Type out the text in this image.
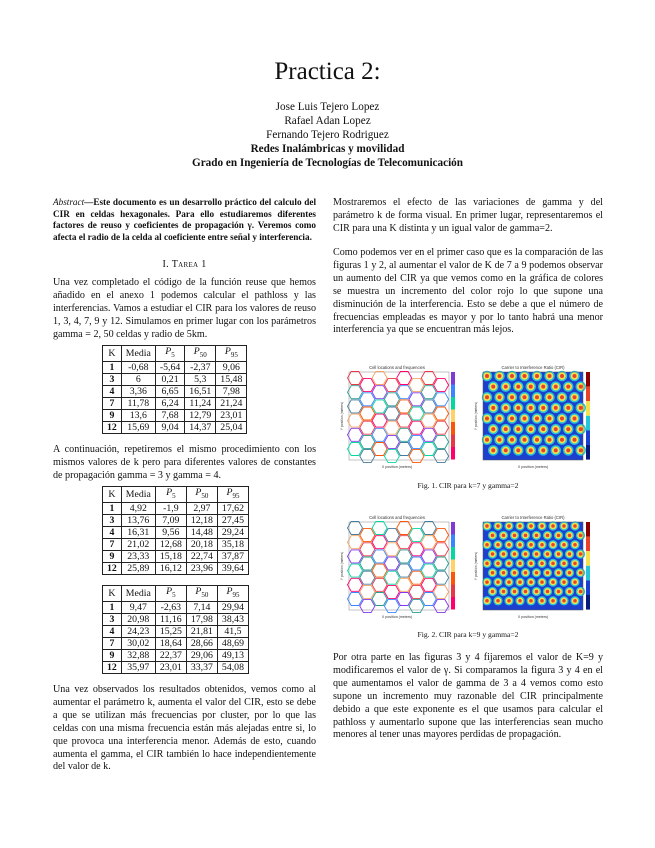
Practica 2:
Jose Luis Tejero Lopez
Rafael Adan Lopez
Fernando Tejero Rodriguez
Redes Inalámbricas y movilidad
Grado en Ingeniería de Tecnologías de Telecomunicación
Abstract—Este documento es un desarrollo práctico del calculo del CIR en celdas hexagonales. Para ello estudiaremos diferentes factores de reuso y coeficientes de propagación γ. Veremos como afecta el radio de la celda al coeficiente entre señal y interferencia.
I. Tarea 1
Una vez completado el código de la función reuse que hemos añadido en el anexo 1 podemos calcular el pathloss y las interferencias. Vamos a estudiar el CIR para los valores de reuso 1, 3, 4, 7, 9 y 12. Simulamos en primer lugar con los parámetros gamma = 2, 50 celdas y radio de 5km.
K	Media	$P_5$	$P_{50}$	$P_{95}$
1	-0,68	-5,64	-2,37	9,06
3	6	0,21	5,3	15,48
4	3,36	6,65	16,51	7,98
7	11,78	6,24	11,24	21,24
9	13,6	7,68	12,79	23,01
12	15,69	9,04	14,37	25,04
A continuación, repetiremos el mismo procedimiento con los mismos valores de k pero para diferentes valores de constantes de propagación gamma = 3 y gamma = 4.
K	Media	$P_5$	$P_{50}$	$P_{95}$
1	4,92	-1,9	2,97	17,62
3	13,76	7,09	12,18	27,45
4	16,31	9,56	14,48	29,24
7	21,02	12,68	20,18	35,18
9	23,33	15,18	22,74	37,87
12	25,89	16,12	23,96	39,64
K	Media	$P_5$	$P_{50}$	$P_{95}$
1	9,47	-2,63	7,14	29,94
3	20,98	11,16	17,98	38,43
4	24,23	15,25	21,81	41,5
7	30,02	18,64	28,66	48,69
9	32,88	22,37	29,06	49,13
12	35,97	23,01	33,37	54,08
Una vez observados los resultados obtenidos, vemos como al aumentar el parámetro k, aumenta el valor del CIR, esto se debe a que se utilizan más frecuencias por cluster, por lo que las celdas con una misma frecuencia están más alejadas entre si, lo que provoca una interferencia menor. Además de esto, cuando aumenta el gamma, el CIR también lo hace independientemente del valor de k.
Mostraremos el efecto de las variaciones de gamma y del parámetro k de forma visual. En primer lugar, representaremos el CIR para una K distinta y un igual valor de gamma=2.
Como podemos ver en el primer caso que es la comparación de las figuras 1 y 2, al aumentar el valor de K de 7 a 9 podemos observar un aumento del CIR ya que vemos como en la gráfica de colores se muestra un incremento del color rojo lo que supone una disminución de la interferencia. Esto se debe a que el número de frecuencias empleadas es mayor y por lo tanto habrá una menor interferencia ya que se encuentran más lejos.
Cell locations and frequencies
X position (meters)
Carrier to Interference Ratio (CIR)
X position (meters)
Y position (meters)	Y position (meters)
Fig. 1. CIR para k=7 y gamma=2
Cell locations and frequencies
X position (meters)
Carrier to Interference Ratio (CIR)
X position (meters)
Y position (meters)	Y position (meters)
Fig. 2. CIR para k=9 y gamma=2
Por otra parte en las figuras 3 y 4 fijaremos el valor de K=9 y modificaremos el valor de γ. Si comparamos la figura 3 y 4 en el que aumentamos el valor de gamma de 3 a 4 vemos como esto supone un incremento muy razonable del CIR principalmente debido a que este exponente es el que usamos para calcular el pathloss y aumentarlo supone que las interferencias sean mucho menores al tener unas mayores perdidas de propagación.
